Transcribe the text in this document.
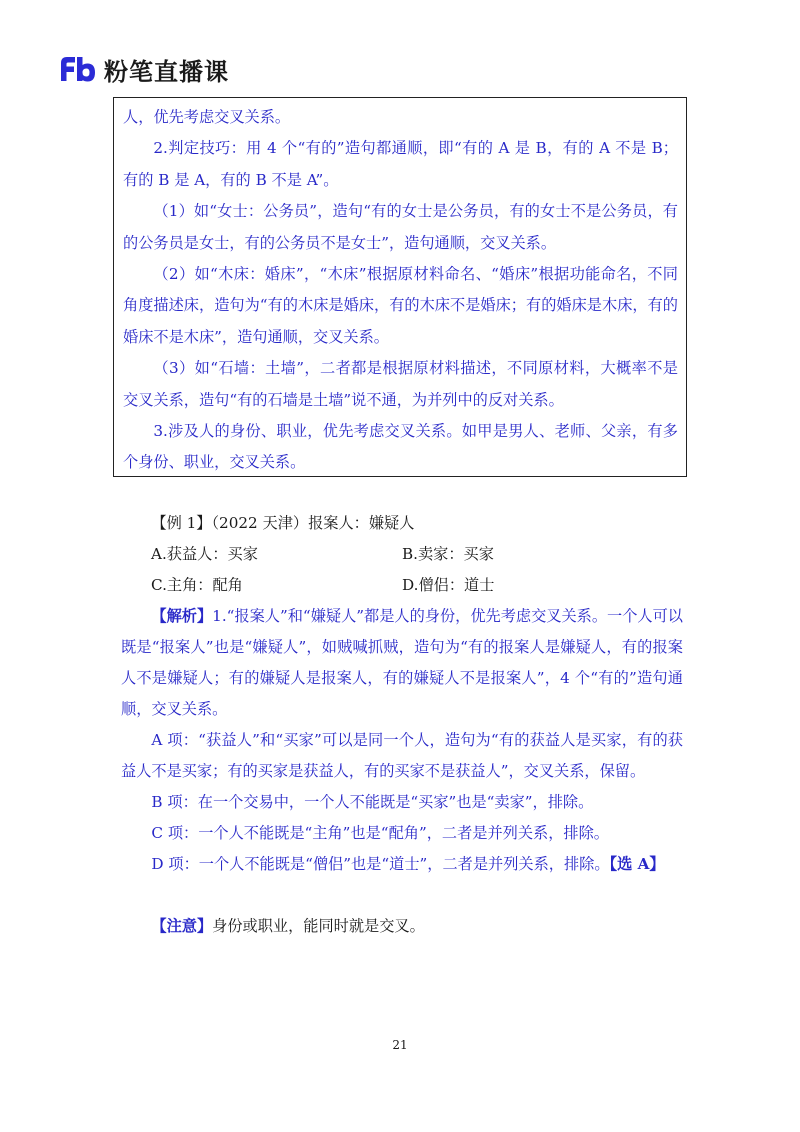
粉笔直播课

人，优先考虑交叉关系。

2.判定技巧：用 4 个“有的”造句都通顺，即“有的 A 是 B，有的 A 不是 B；有的 B 是 A，有的 B 不是 A”。

（1）如“女士：公务员”，造句“有的女士是公务员，有的女士不是公务员，有的公务员是女士，有的公务员不是女士”，造句通顺，交叉关系。

（2）如“木床：婚床”，“木床”根据原材料命名、“婚床”根据功能命名，不同角度描述床，造句为“有的木床是婚床，有的木床不是婚床；有的婚床是木床，有的婚床不是木床”，造句通顺，交叉关系。

（3）如“石墙：土墙”，二者都是根据原材料描述，不同原材料，大概率不是交叉关系，造句“有的石墙是土墙”说不通，为并列中的反对关系。

3.涉及人的身份、职业，优先考虑交叉关系。如甲是男人、老师、父亲，有多个身份、职业，交叉关系。

【例 1】（2022 天津）报案人：嫌疑人

A.获益人：买家	B.卖家：买家
C.主角：配角	D.僧侣：道士

【解析】1.“报案人”和“嫌疑人”都是人的身份，优先考虑交叉关系。一个人可以既是“报案人”也是“嫌疑人”，如贼喊抓贼，造句为“有的报案人是嫌疑人，有的报案人不是嫌疑人；有的嫌疑人是报案人，有的嫌疑人不是报案人”，4 个“有的”造句通顺，交叉关系。

A 项：“获益人”和“买家”可以是同一个人，造句为“有的获益人是买家，有的获益人不是买家；有的买家是获益人，有的买家不是获益人”，交叉关系，保留。

B 项：在一个交易中，一个人不能既是“买家”也是“卖家”，排除。

C 项：一个人不能既是“主角”也是“配角”，二者是并列关系，排除。

D 项：一个人不能既是“僧侣”也是“道士”，二者是并列关系，排除。【选 A】

【注意】身份或职业，能同时就是交叉。

21
